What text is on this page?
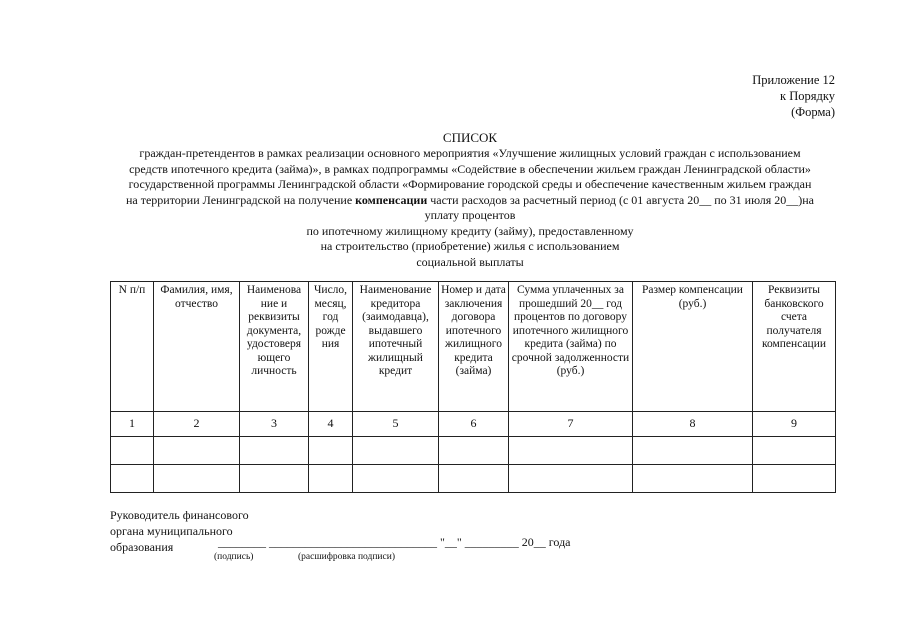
Приложение 12
к Порядку
(Форма)
СПИСОК
граждан-претендентов в рамках реализации основного мероприятия «Улучшение жилищных условий граждан с использованием
средств ипотечного кредита (займа)», в рамках подпрограммы «Содействие в обеспечении жильем граждан Ленинградской области»
государственной программы Ленинградской области «Формирование городской среды и обеспечение качественным жильем граждан
на территории Ленинградской на получение компенсации части расходов за расчетный период (с 01 августа 20__ по 31 июля 20__)на
уплату процентов
по ипотечному жилищному кредиту (займу), предоставленному
на строительство (приобретение) жилья с использованием
социальной выплаты
N п/п	Фамилия, имя, отчество	Наименова ние и реквизиты документа, удостоверя ющего личность	Число, месяц, год рожде ния	Наименование кредитора (заимодавца), выдавшего ипотечный жилищный кредит	Номер и дата заключения договора ипотечного жилищного кредита (займа)	Сумма уплаченных за прошедший 20__ год процентов по договору ипотечного жилищного кредита (займа) по срочной задолженности (руб.)	Размер компенсации (руб.)	Реквизиты банковского счета получателя компенсации
1	2	3	4	5	6	7	8	9

Руководитель финансового
органа муниципального
образования	________ ____________________________ "__" _________ 20__ года
(подпись)	(расшифровка подписи)
